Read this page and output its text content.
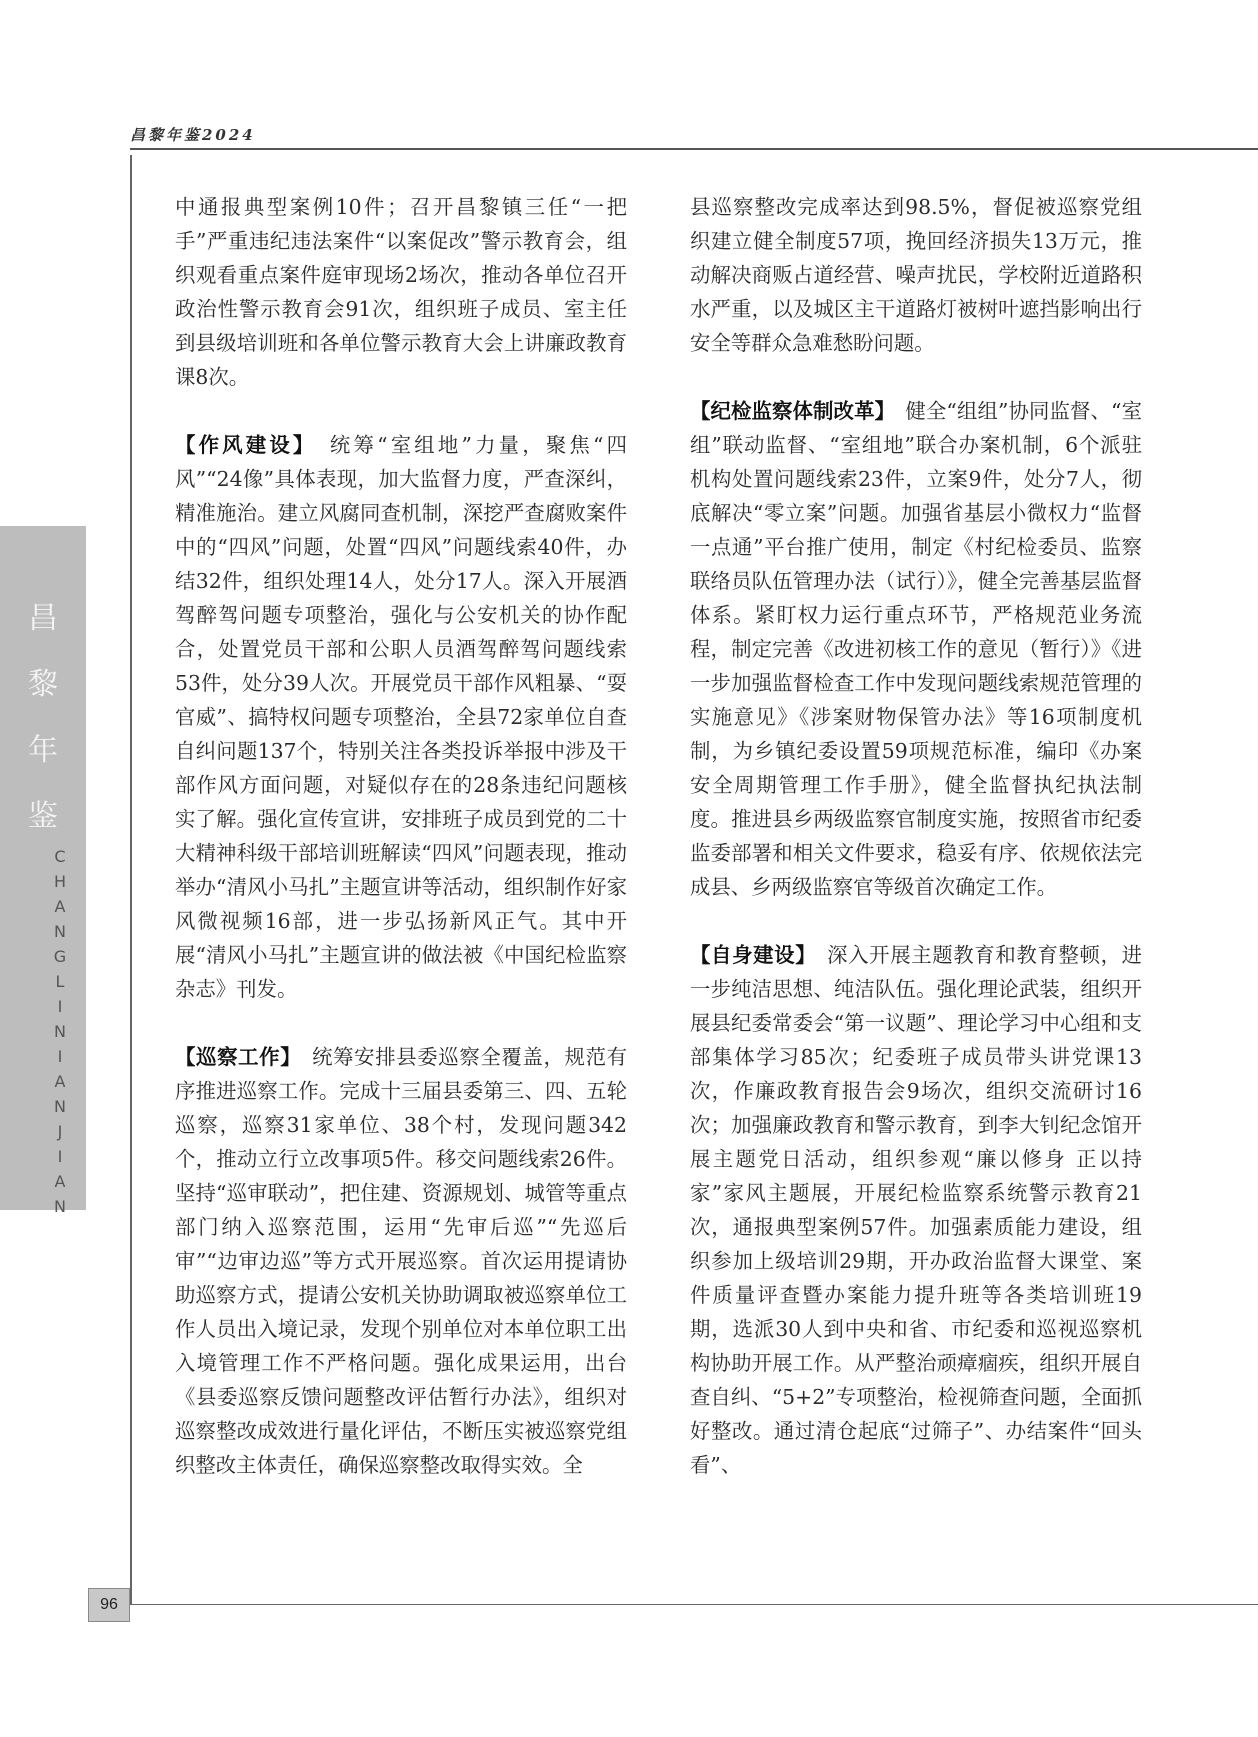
昌黎年鉴2024
昌
黎
年
鉴
C
H
A
N
G
L
I
N
I
A
N
J
I
A
N
96

中通报典型案例10件；召开昌黎镇三任“一把手”严重违纪违法案件“以案促改”警示教育会，组织观看重点案件庭审现场2场次，推动各单位召开政治性警示教育会91次，组织班子成员、室主任到县级培训班和各单位警示教育大会上讲廉政教育课8次。

【作风建设】　 统筹“室组地”力量，聚焦“四风”“24像”具体表现，加大监督力度，严查深纠，精准施治。建立风腐同查机制，深挖严查腐败案件中的“四风”问题，处置“四风”问题线索40件，办结32件，组织处理14人，处分17人。深入开展酒驾醉驾问题专项整治，强化与公安机关的协作配合，处置党员干部和公职人员酒驾醉驾问题线索53件，处分39人次。开展党员干部作风粗暴、“耍官威”、搞特权问题专项整治，全县72家单位自查自纠问题137个，特别关注各类投诉举报中涉及干部作风方面问题，对疑似存在的28条违纪问题核实了解。强化宣传宣讲，安排班子成员到党的二十大精神科级干部培训班解读“四风”问题表现，推动举办“清风小马扎”主题宣讲等活动，组织制作好家风微视频16部，进一步弘扬新风正气。其中开展“清风小马扎”主题宣讲的做法被《中国纪检监察杂志》刊发。

【巡察工作】　 统筹安排县委巡察全覆盖，规范有序推进巡察工作。完成十三届县委第三、四、五轮巡察，巡察31家单位、38个村，发现问题342个，推动立行立改事项5件。移交问题线索26件。坚持“巡审联动”，把住建、资源规划、城管等重点部门纳入巡察范围，运用“先审后巡”“先巡后审”“边审边巡”等方式开展巡察。首次运用提请协助巡察方式，提请公安机关协助调取被巡察单位工作人员出入境记录，发现个别单位对本单位职工出入境管理工作不严格问题。强化成果运用，出台《县委巡察反馈问题整改评估暂行办法》，组织对巡察整改成效进行量化评估，不断压实被巡察党组织整改主体责任，确保巡察整改取得实效。全

县巡察整改完成率达到98.5%，督促被巡察党组织建立健全制度57项，挽回经济损失13万元，推动解决商贩占道经营、噪声扰民，学校附近道路积水严重，以及城区主干道路灯被树叶遮挡影响出行安全等群众急难愁盼问题。

【纪检监察体制改革】　 健全“组组”协同监督、“室组”联动监督、“室组地”联合办案机制，6个派驻机构处置问题线索23件，立案9件，处分7人，彻底解决“零立案”问题。加强省基层小微权力“监督一点通”平台推广使用，制定《村纪检委员、监察联络员队伍管理办法（试行）》，健全完善基层监督体系。紧盯权力运行重点环节，严格规范业务流程，制定完善《改进初核工作的意见（暂行）》《进一步加强监督检查工作中发现问题线索规范管理的实施意见》《涉案财物保管办法》等16项制度机制，为乡镇纪委设置59项规范标准，编印《办案安全周期管理工作手册》，健全监督执纪执法制度。推进县乡两级监察官制度实施，按照省市纪委监委部署和相关文件要求，稳妥有序、依规依法完成县、乡两级监察官等级首次确定工作。

【自身建设】　 深入开展主题教育和教育整顿，进一步纯洁思想、纯洁队伍。强化理论武装，组织开展县纪委常委会“第一议题”、理论学习中心组和支部集体学习85次；纪委班子成员带头讲党课13次，作廉政教育报告会9场次，组织交流研讨16次；加强廉政教育和警示教育，到李大钊纪念馆开展主题党日活动，组织参观“廉以修身 正以持家”家风主题展，开展纪检监察系统警示教育21次，通报典型案例57件。加强素质能力建设，组织参加上级培训29期，开办政治监督大课堂、案件质量评查暨办案能力提升班等各类培训班19期，选派30人到中央和省、市纪委和巡视巡察机构协助开展工作。从严整治顽瘴痼疾，组织开展自查自纠、“5+2”专项整治，检视筛查问题，全面抓好整改。通过清仓起底“过筛子”、办结案件“回头看”、
